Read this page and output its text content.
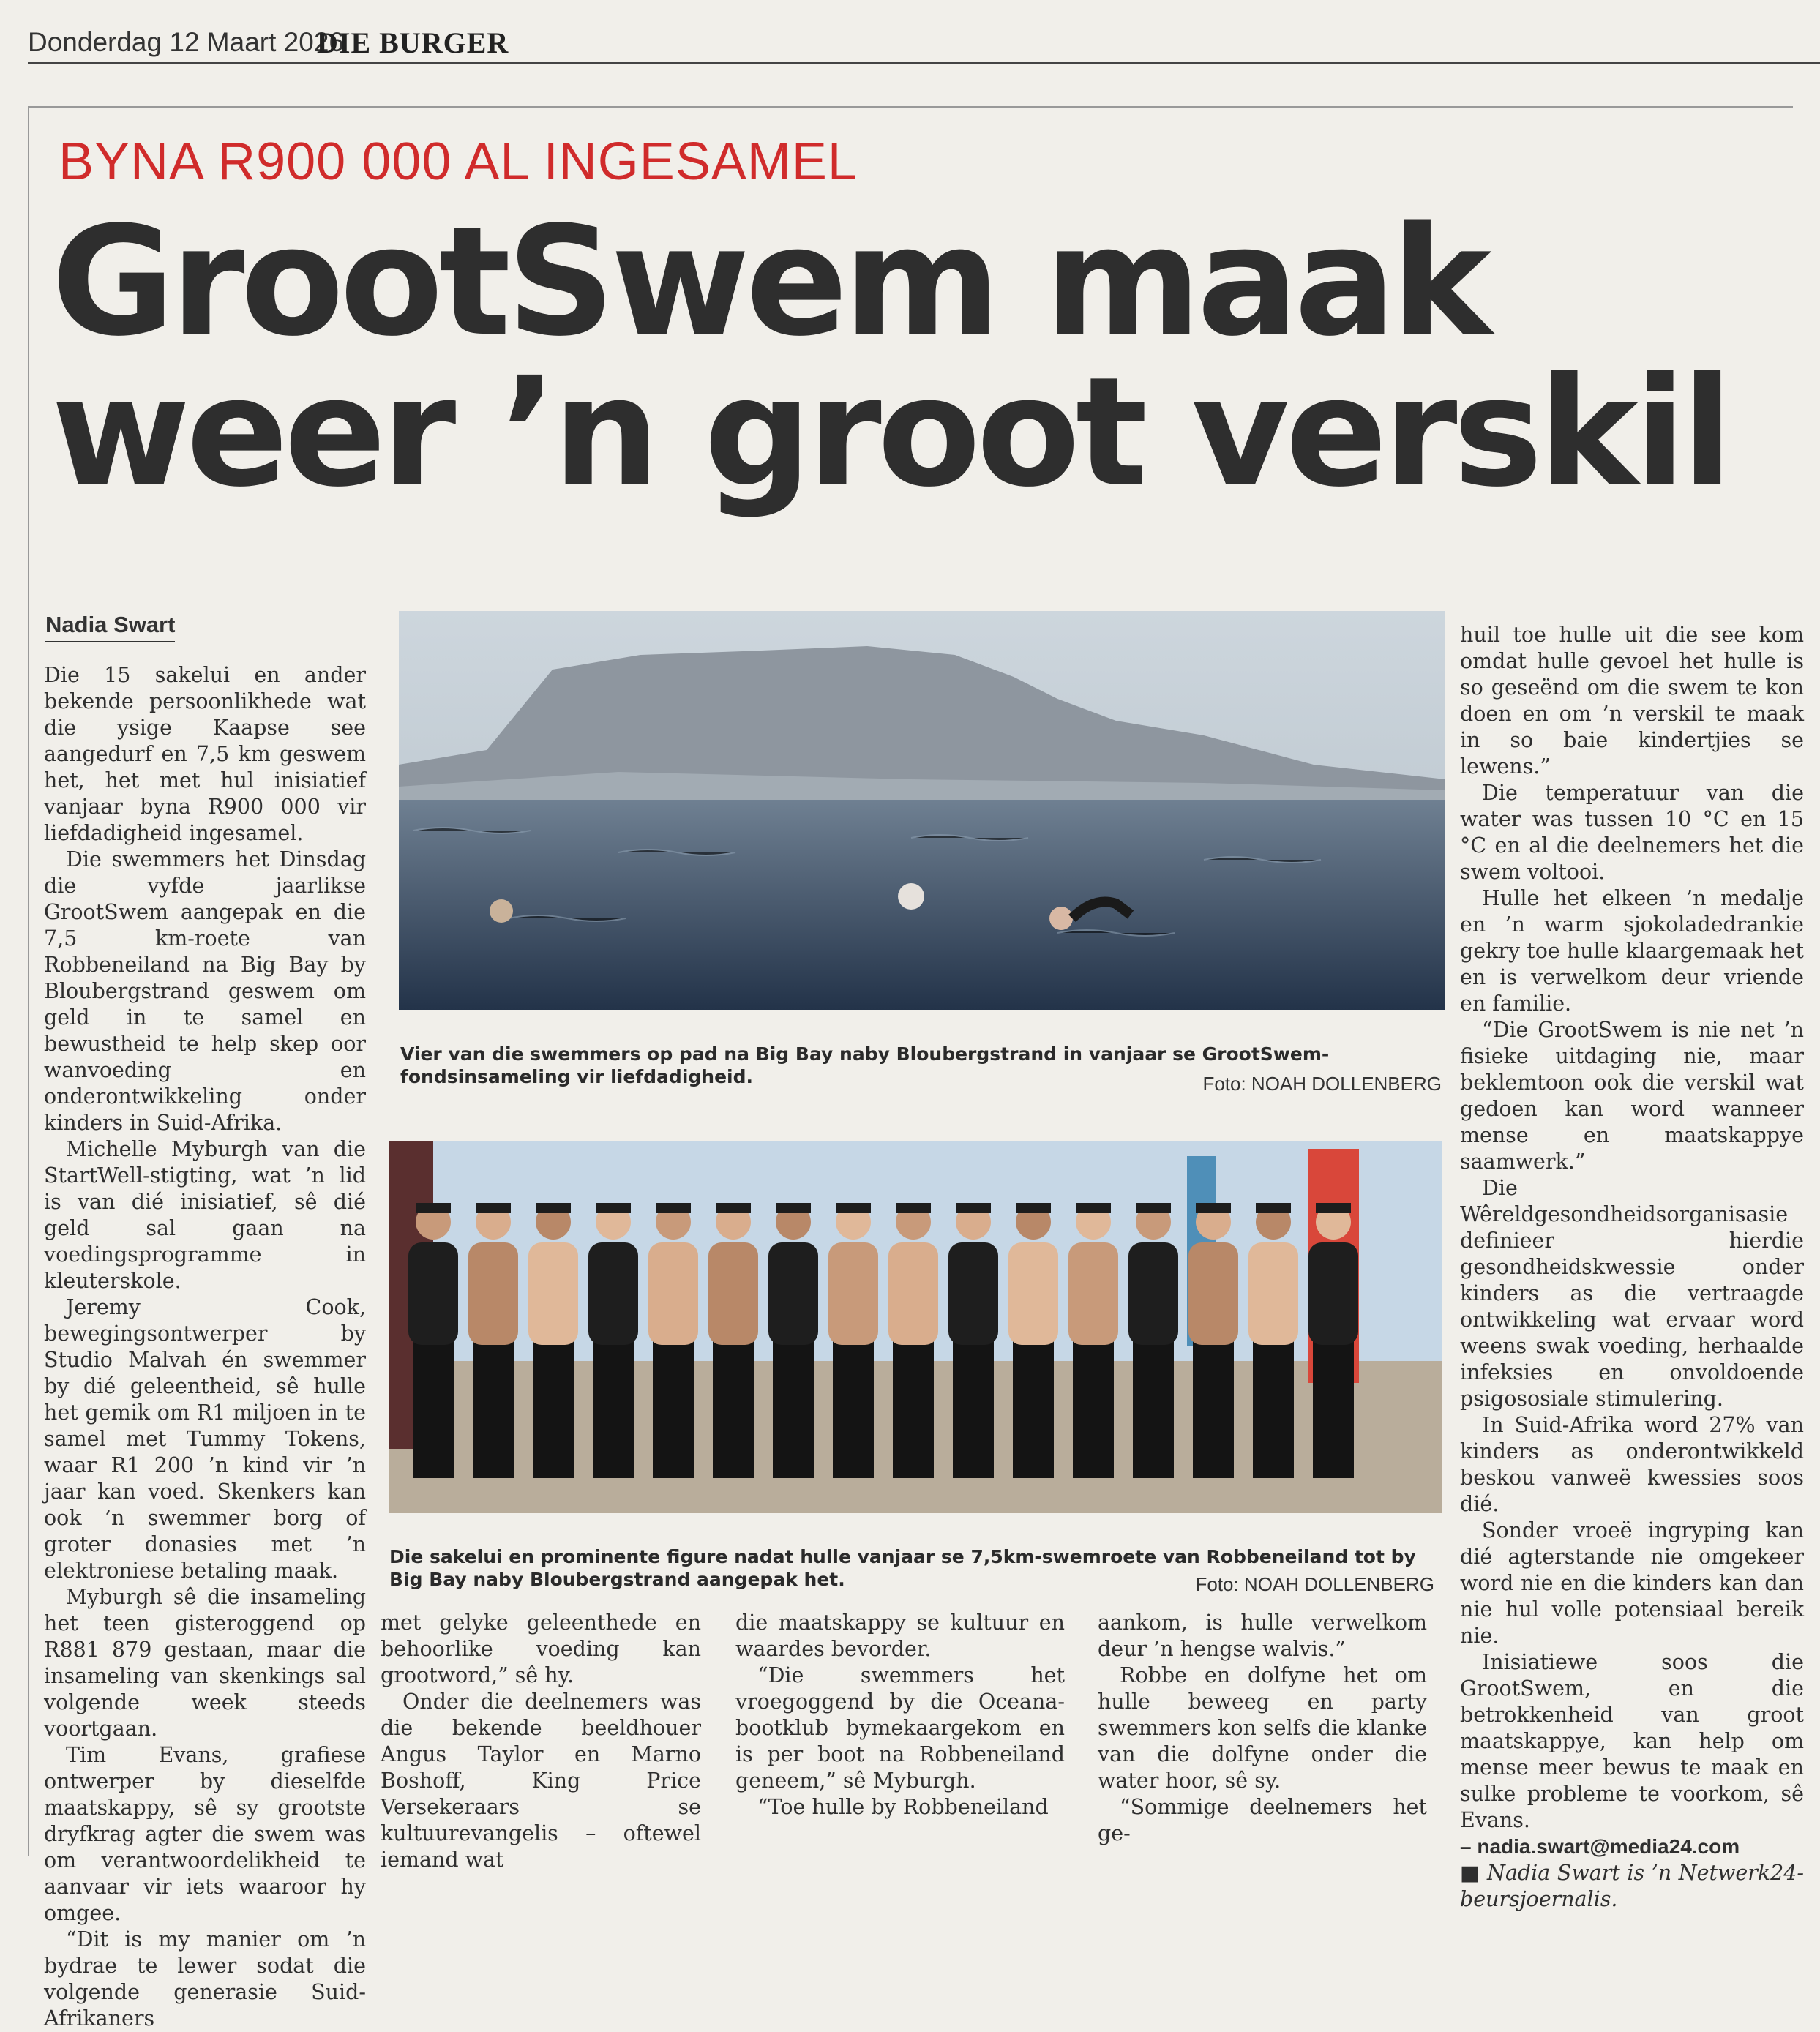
Donderdag 12 Maart 2026
DIE BURGER
BYNA R900 000 AL INGESAMEL
GrootSwem maak
weer ’n groot verskil
Nadia Swart

Die 15 sakelui en ander bekende persoonlikhede wat die ysige Kaapse see aangedurf en 7,5 km geswem het, het met hul inisiatief vanjaar byna R900 000 vir liefdadigheid ingesamel.

Die swemmers het Dinsdag die vyfde jaarlikse GrootSwem aangepak en die 7,5 km-roete van Robbeneiland na Big Bay by Bloubergstrand geswem om geld in te samel en bewustheid te help skep oor wanvoeding en onderontwikkeling onder kinders in Suid-Afrika.

Michelle Myburgh van die StartWell-stigting, wat ’n lid is van dié inisiatief, sê dié geld sal gaan na voedingsprogramme in kleuterskole.

Jeremy Cook, bewegingsontwerper by Studio Malvah én swemmer by dié geleentheid, sê hulle het gemik om R1 miljoen in te samel met Tummy Tokens, waar R1 200 ’n kind vir ’n jaar kan voed. Skenkers kan ook ’n swemmer borg of groter donasies met ’n elektroniese betaling maak.

Myburgh sê die insameling het teen gisteroggend op R881 879 gestaan, maar die insameling van skenkings sal volgende week steeds voortgaan.

Tim Evans, grafiese ontwerper by dieselfde maatskappy, sê sy grootste dryfkrag agter die swem was om verantwoordelikheid te aanvaar vir iets waaroor hy omgee.

“Dit is my manier om ’n bydrae te lewer sodat die volgende generasie Suid-Afrikaners

Vier van die swemmers op pad na Big Bay naby Bloubergstrand in vanjaar se GrootSwem-fondsinsameling vir liefdadigheid.	Foto: NOAH DOLLENBERG
Die sakelui en prominente figure nadat hulle vanjaar se 7,5km-swemroete van Robbeneiland tot by Big Bay naby Bloubergstrand aangepak het.	Foto: NOAH DOLLENBERG

met gelyke geleenthede en behoorlike voeding kan grootword,” sê hy.

Onder die deelnemers was die bekende beeldhouer Angus Taylor en Marno Boshoff, King Price Versekeraars se kultuurevangelis – oftewel iemand wat

die maatskappy se kultuur en waardes bevorder.

“Die swemmers het vroegoggend by die Oceana-bootklub bymekaargekom en is per boot na Robbeneiland geneem,” sê Myburgh.

“Toe hulle by Robbeneiland

aankom, is hulle verwelkom deur ’n hengse walvis.”

Robbe en dolfyne het om hulle beweeg en party swemmers kon selfs die klanke van die dolfyne onder die water hoor, sê sy.

“Sommige deelnemers het ge-

huil toe hulle uit die see kom omdat hulle gevoel het hulle is so geseënd om die swem te kon doen en om ’n verskil te maak in so baie kindertjies se lewens.”

Die temperatuur van die water was tussen 10 °C en 15 °C en al die deelnemers het die swem voltooi.

Hulle het elkeen ’n medalje en ’n warm sjokoladedrankie gekry toe hulle klaargemaak het en is verwelkom deur vriende en familie.

“Die GrootSwem is nie net ’n fisieke uitdaging nie, maar beklemtoon ook die verskil wat gedoen kan word wanneer mense en maatskappye saamwerk.”

Die Wêreldgesondheidsorganisasie definieer hierdie gesondheidskwessie onder kinders as die vertraagde ontwikkeling wat ervaar word weens swak voeding, herhaalde infeksies en onvoldoende psigososiale stimulering.

In Suid-Afrika word 27% van kinders as onderontwikkeld beskou vanweë kwessies soos dié.

Sonder vroeë ingryping kan dié agterstande nie omgekeer word nie en die kinders kan dan nie hul volle potensiaal bereik nie.

Inisiatiewe soos die GrootSwem, en die betrokkenheid van groot maatskappye, kan help om mense meer bewus te maak en sulke probleme te voorkom, sê Evans.

– nadia.swart@media24.com

■ Nadia Swart is ’n Netwerk24-beursjoernalis.
